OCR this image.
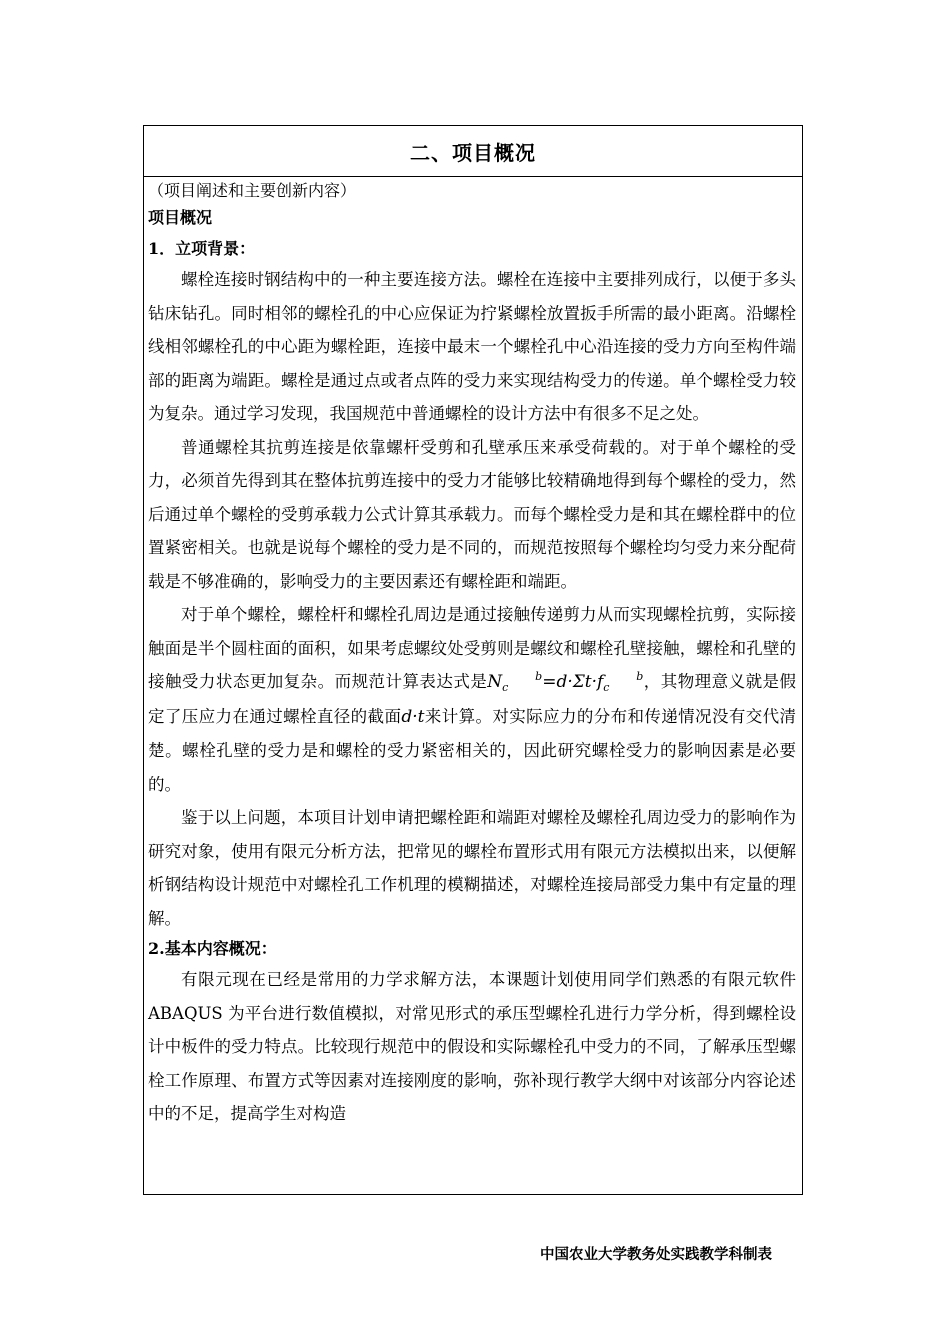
二、项目概况
（项目阐述和主要创新内容）
项目概况
1．立项背景：

螺栓连接时钢结构中的一种主要连接方法。螺栓在连接中主要排列成行，以便于多头钻床钻孔。同时相邻的螺栓孔的中心应保证为拧紧螺栓放置扳手所需的最小距离。沿螺栓线相邻螺栓孔的中心距为螺栓距，连接中最末一个螺栓孔中心沿连接的受力方向至构件端部的距离为端距。螺栓是通过点或者点阵的受力来实现结构受力的传递。单个螺栓受力较为复杂。通过学习发现，我国规范中普通螺栓的设计方法中有很多不足之处。

普通螺栓其抗剪连接是依靠螺杆受剪和孔壁承压来承受荷载的。对于单个螺栓的受力，必须首先得到其在整体抗剪连接中的受力才能够比较精确地得到每个螺栓的受力，然后通过单个螺栓的受剪承载力公式计算其承载力。而每个螺栓受力是和其在螺栓群中的位置紧密相关。也就是说每个螺栓的受力是不同的，而规范按照每个螺栓均匀受力来分配荷载是不够准确的，影响受力的主要因素还有螺栓距和端距。

对于单个螺栓，螺栓杆和螺栓孔周边是通过接触传递剪力从而实现螺栓抗剪，实际接触面是半个圆柱面的面积，如果考虑螺纹处受剪则是螺纹和螺栓孔壁接触，螺栓和孔壁的接触受力状态更加复杂。而规范计算表达式是N	b
c =d·Σt·f	b
c ，其物理意义就是假定了压应力在通过螺栓直径的截面d·t来计算。对实际应力的分布和传递情况没有交代清楚。螺栓孔壁的受力是和螺栓的受力紧密相关的，因此研究螺栓受力的影响因素是必要的。

鉴于以上问题，本项目计划申请把螺栓距和端距对螺栓及螺栓孔周边受力的影响作为研究对象，使用有限元分析方法，把常见的螺栓布置形式用有限元方法模拟出来，以便解析钢结构设计规范中对螺栓孔工作机理的模糊描述，对螺栓连接局部受力集中有定量的理解。

2.基本内容概况：

有限元现在已经是常用的力学求解方法，本课题计划使用同学们熟悉的有限元软件 ABAQUS 为平台进行数值模拟，对常见形式的承压型螺栓孔进行力学分析，得到螺栓设计中板件的受力特点。比较现行规范中的假设和实际螺栓孔中受力的不同，了解承压型螺栓工作原理、布置方式等因素对连接刚度的影响，弥补现行教学大纲中对该部分内容论述中的不足，提高学生对构造

中国农业大学教务处实践教学科制表
